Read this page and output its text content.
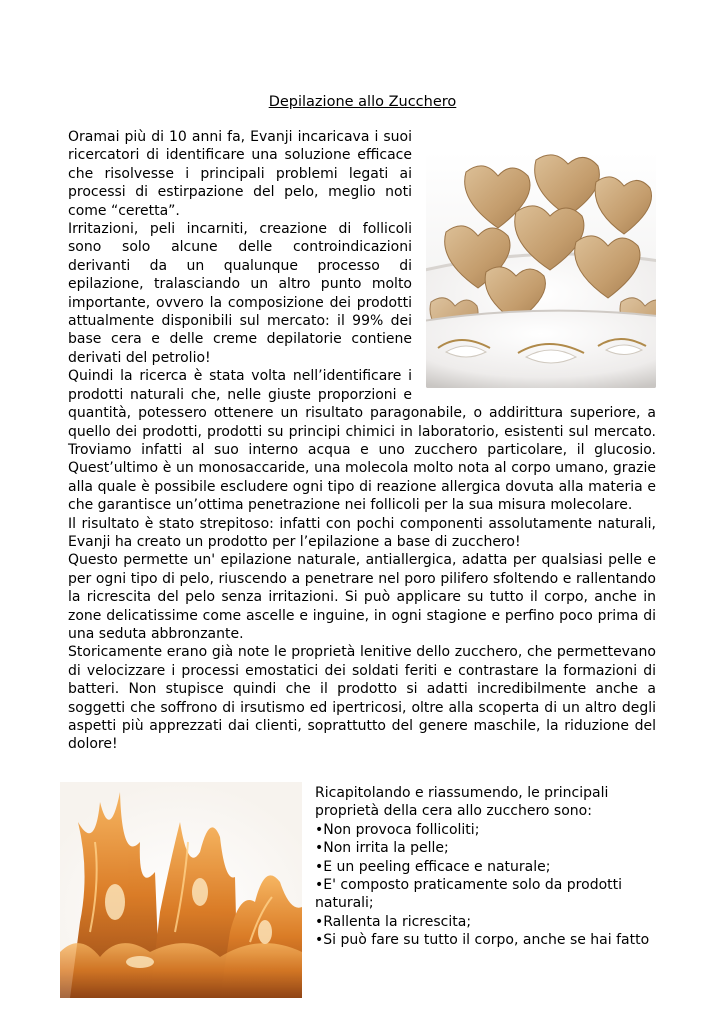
Depilazione allo Zucchero

Oramai più di 10 anni fa, Evanji incaricava i suoi ricercatori di identificare una soluzione efficace che risolvesse i principali problemi legati ai processi di estirpazione del pelo, meglio noti come “ceretta”.

Irritazioni, peli incarniti, creazione di follicoli sono solo alcune delle controindicazioni derivanti da un qualunque processo di epilazione, tralasciando un altro punto molto importante, ovvero la composizione dei prodotti attualmente disponibili sul mercato: il 99% dei base cera e delle creme depilatorie contiene derivati del petrolio!

Quindi la ricerca è stata volta nell’identificare i prodotti naturali che, nelle giuste proporzioni e quantità, potessero ottenere un risultato paragonabile, o addirittura superiore, a quello dei prodotti, prodotti su principi chimici in laboratorio, esistenti sul mercato. Troviamo infatti al suo interno acqua e uno zucchero particolare, il glucosio. Quest’ultimo è un monosaccaride, una molecola molto nota al corpo umano, grazie alla quale è possibile escludere ogni tipo di reazione allergica dovuta alla materia e che garantisce un’ottima penetrazione nei follicoli per la sua misura molecolare.

Il risultato è stato strepitoso: infatti con pochi componenti assolutamente naturali, Evanji ha creato un prodotto per l’epilazione a base di zucchero!

Questo permette un' epilazione naturale, antiallergica, adatta per qualsiasi pelle e per ogni tipo di pelo, riuscendo a penetrare nel poro pilifero sfoltendo e rallentando la ricrescita del pelo senza irritazioni. Si può applicare su tutto il corpo, anche in zone delicatissime come ascelle e inguine, in ogni stagione e perfino poco prima di una seduta abbronzante.

Storicamente erano già note le proprietà lenitive dello zucchero, che permettevano di velocizzare i processi emostatici dei soldati feriti e contrastare la formazioni di batteri. Non stupisce quindi che il prodotto si adatti incredibilmente anche a soggetti che soffrono di irsutismo ed ipertricosi, oltre alla scoperta di un altro degli aspetti più apprezzati dai clienti, soprattutto del genere maschile, la riduzione del dolore!

Ricapitolando e riassumendo, le principali proprietà della cera allo zucchero sono:

• Non provoca follicoliti;
• Non irrita la pelle;
• E un peeling efficace e naturale;
• E' composto praticamente solo da prodotti naturali;
• Rallenta la ricrescita;
• Si può fare su tutto il corpo, anche se hai fatto
